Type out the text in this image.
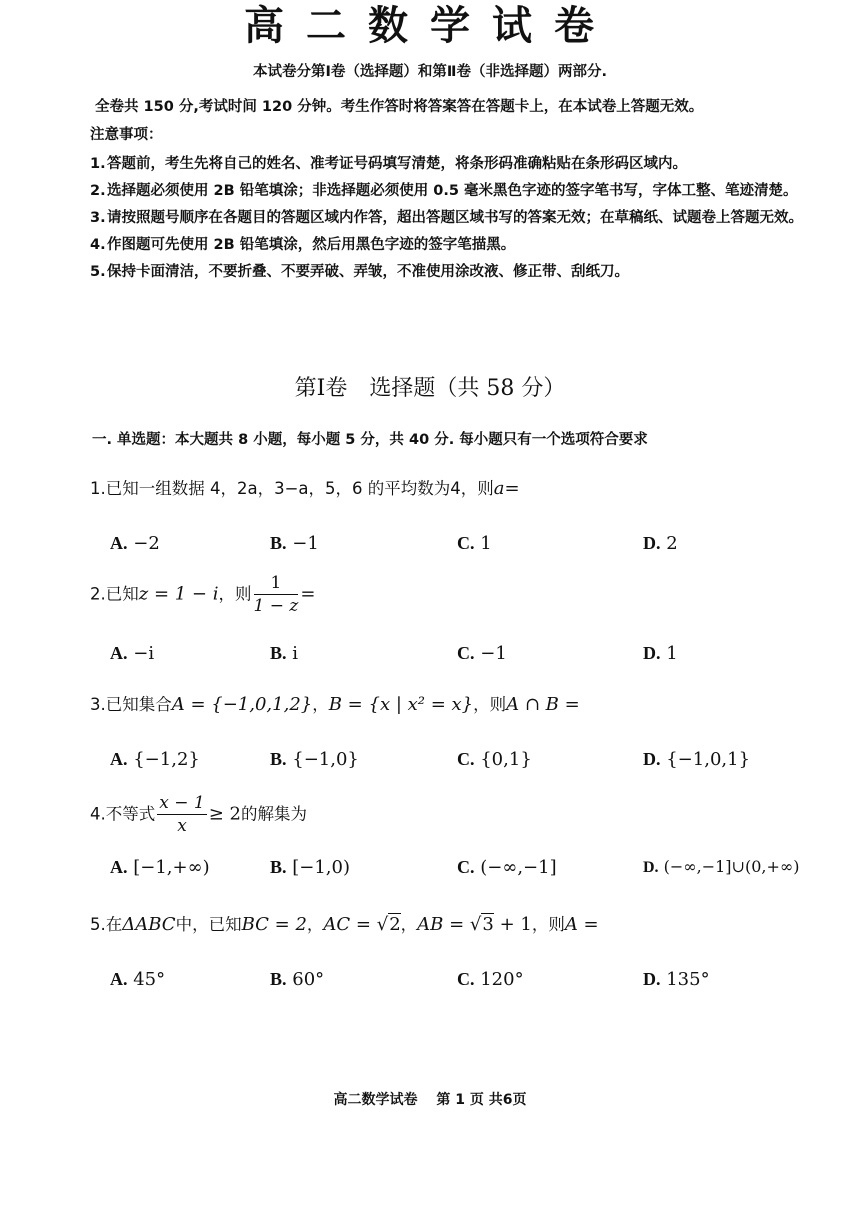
高二数学试卷
本试卷分第Ⅰ卷（选择题）和第Ⅱ卷（非选择题）两部分.
全卷共 150 分,考试时间 120 分钟。考生作答时将答案答在答题卡上，在本试卷上答题无效。
注意事项：
1. 答题前，考生先将自己的姓名、准考证号码填写清楚，将条形码准确粘贴在条形码区域内。
2. 选择题必须使用 2B 铅笔填涂；非选择题必须使用 0.5 毫米黑色字迹的签字笔书写，字体工整、笔迹清楚。
3. 请按照题号顺序在各题目的答题区域内作答，超出答题区域书写的答案无效；在草稿纸、试题卷上答题无效。
4. 作图题可先使用 2B 铅笔填涂，然后用黑色字迹的签字笔描黑。
5. 保持卡面清洁，不要折叠、不要弄破、弄皱，不准使用涂改液、修正带、刮纸刀。
第Ⅰ卷　选择题（共 58 分）
一. 单选题：本大题共 8 小题，每小题 5 分，共 40 分. 每小题只有一个选项符合要求
1.已知一组数据 4，2a，3−a，5，6 的平均数为4，则a=
A. −2	B. −1	C. 1	D. 2
2.已知z = 1 − i，则 $\frac{1}{1 - z}$ =
A. −i	B. i	C. −1	D. 1
3.已知集合A = {−1,0,1,2}，B = {x | x² = x}，则A ∩ B =
A. {−1,2}	B. {−1,0}	C. {0,1}	D. {−1,0,1}
4.不等式 $\frac{x - 1}{x} \ge 2$的解集为
A. [−1,+∞)	B. [−1,0)	C. (−∞,−1]	D. (−∞,−1]∪(0,+∞)
5.在ΔABC中，已知BC = 2，AC = √2，AB = √3 + 1，则A =
A. 45°	B. 60°	C. 120°	D. 135°
高二数学试卷　 第 1 页 共6页
